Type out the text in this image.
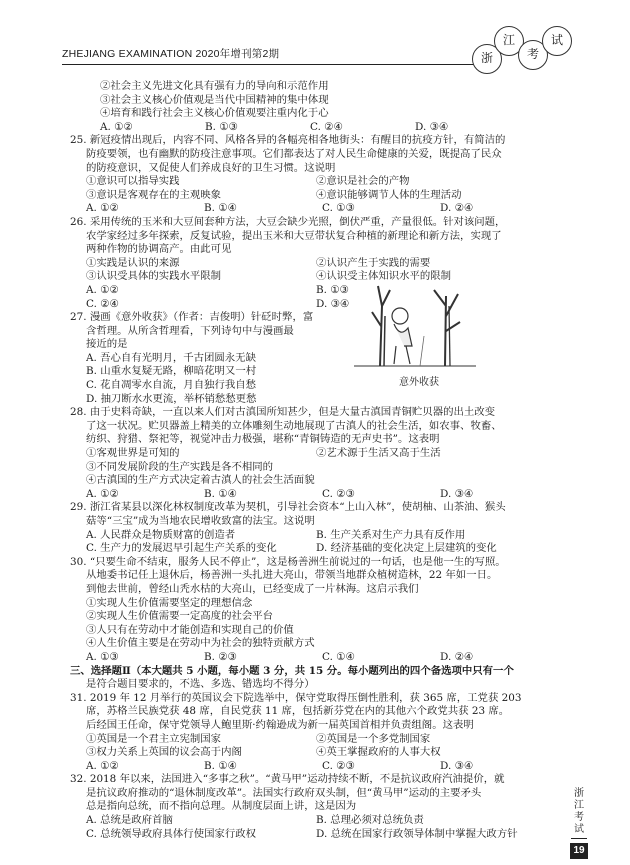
ZHEJIANG EXAMINATION 2020年增刊第2期	浙
江
考
试
②社会主义先进文化具有强有力的导向和示范作用
③社会主义核心价值观是当代中国精神的集中体现
④培育和践行社会主义核心价值观要注重内化于心
A. ①②	B. ①③	C. ②④	D. ③④
25. 新冠疫情出现后，内容不同、风格各异的各幅亮相各地街头：有醒目的抗疫方针，有简洁的
防疫要领，也有幽默的防疫注意事项。它们都表达了对人民生命健康的关爱，既提高了民众
的防疫意识，又促使人们养成良好的卫生习惯。这说明
①意识可以指导实践	②意识是社会的产物
③意识是客观存在的主观映象	④意识能够调节人体的生理活动
A. ①②	B. ①④	C. ①③	D. ②④
26. 采用传统的玉米和大豆间套种方法，大豆会缺少光照，倒伏严重，产量很低。针对该问题，
农学家经过多年探索，反复试验，提出玉米和大豆带状复合种植的新理论和新方法，实现了
两种作物的协调高产。由此可见
①实践是认识的来源	②认识产生于实践的需要
③认识受具体的实践水平限制	④认识受主体知识水平的限制
A. ①②	B. ①③
C. ②④	D. ③④
27. 漫画《意外收获》（作者：吉俊明）针砭时弊，富
含哲理。从所含哲理看，下列诗句中与漫画最
接近的是
A. 吾心自有光明月，千古团圆永无缺
B. 山重水复疑无路，柳暗花明又一村
C. 花自凋零水自流，月自独行我自愁
D. 抽刀断水水更流，举杯销愁愁更愁
28. 由于史料奇缺，一直以来人们对古滇国所知甚少，但是大量古滇国青铜贮贝器的出土改变
了这一状况。贮贝器盖上精美的立体雕刻生动地展现了古滇人的社会生活，如农事、牧畜、
纺织、狩猎、祭祀等，视觉冲击力极强，堪称“青铜铸造的无声史书”。这表明
①客观世界是可知的	②艺术源于生活又高于生活
③不同发展阶段的生产实践是各不相同的
④古滇国的生产方式决定着古滇人的社会生活面貌
A. ①②	B. ①④	C. ②③	D. ③④
29. 浙江省某县以深化林权制度改革为契机，引导社会资本“上山入林”，使胡柚、山茶油、猴头
菇等“三宝”成为当地农民增收致富的法宝。这说明
A. 人民群众是物质财富的创造者	B. 生产关系对生产力具有反作用
C. 生产力的发展迟早引起生产关系的变化	D. 经济基础的变化决定上层建筑的变化
30. “只要生命不结束，服务人民不停止”，这是杨善洲生前说过的一句话，也是他一生的写照。
从地委书记任上退休后，杨善洲一头扎进大亮山，带领当地群众植树造林，22 年如一日。
到他去世前，曾经山秃水枯的大亮山，已经变成了一片林海。这启示我们
①实现人生价值需要坚定的理想信念
②实现人生价值需要一定高度的社会平台
③人只有在劳动中才能创造和实现自己的价值
④人生价值主要是在劳动中为社会的独特贡献方式
A. ①③	B. ②③	C. ①④	D. ②④
三、选择题Ⅱ（本大题共 5 小题，每小题 3 分，共 15 分。每小题列出的四个备选项中只有一个
是符合题目要求的，不选、多选、错选均不得分）
31. 2019 年 12 月举行的英国议会下院选举中，保守党取得压倒性胜利，获 365 席，工党获 203
席，苏格兰民族党获 48 席，自民党获 11 席，包括新芬党在内的其他六个政党共获 23 席。
后经国王任命，保守党领导人鲍里斯·约翰逊成为新一届英国首相并负责组阁。这表明
①英国是一个君主立宪制国家	②英国是一个多党制国家
③权力关系上英国的议会高于内阁	④英王掌握政府的人事大权
A. ①②	B. ①④	C. ②③	D. ③④
32. 2018 年以来，法国进入“多事之秋”。“黄马甲”运动持续不断，不是抗议政府汽油提价，就
是抗议政府推动的“退休制度改革”。法国实行政府双头制，但“黄马甲”运动的主要矛头
总是指向总统，而不指向总理。从制度层面上讲，这是因为
A. 总统是政府首脑	B. 总理必须对总统负责
C. 总统领导政府具体行使国家行政权	D. 总统在国家行政领导体制中掌握大政方针
意外收获
浙江考试
19
